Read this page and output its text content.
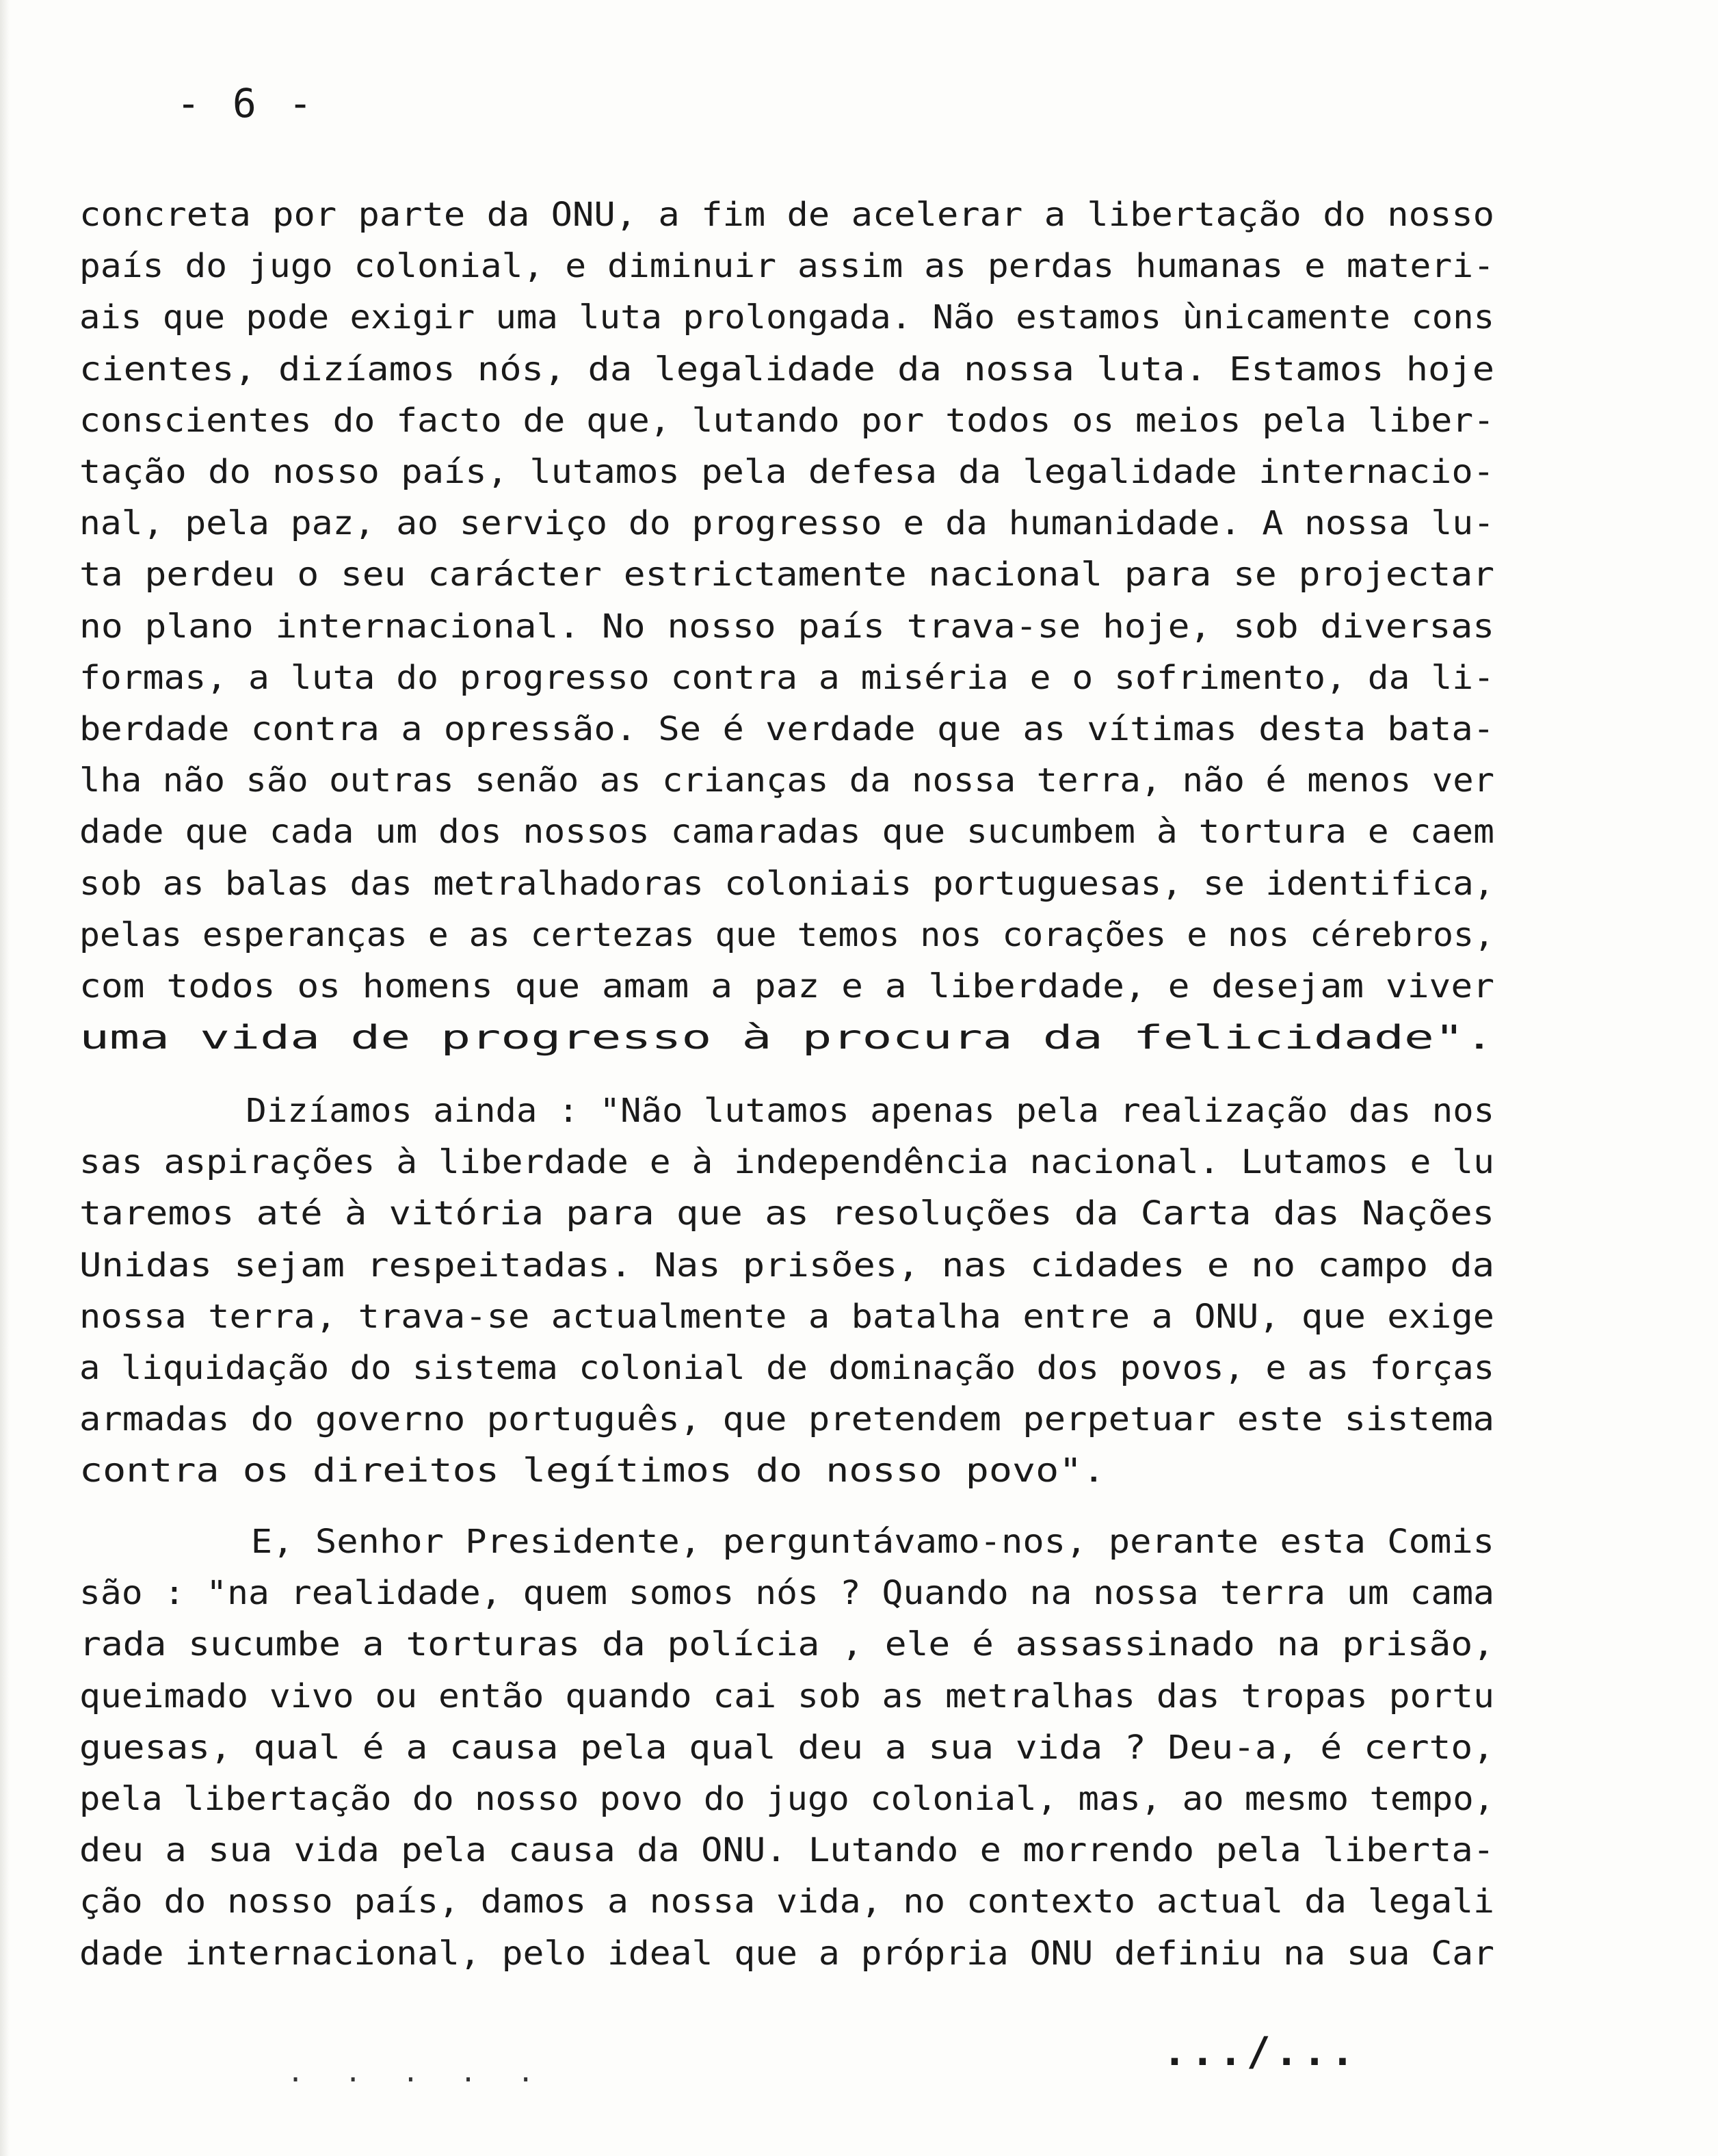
- 6 -
concreta por parte da ONU, a fim de acelerar a libertação do nosso
país do jugo colonial, e diminuir assim as perdas humanas e materi-
ais que pode exigir uma luta prolongada. Não estamos ùnicamente cons
cientes, dizíamos nós, da legalidade da nossa luta. Estamos hoje
conscientes do facto de que, lutando por todos os meios pela liber-
tação do nosso país, lutamos pela defesa da legalidade internacio-
nal, pela paz, ao serviço do progresso e da humanidade. A nossa lu-
ta perdeu o seu carácter estrictamente nacional para se projectar
no plano internacional. No nosso país trava-se hoje, sob diversas
formas, a luta do progresso contra a miséria e o sofrimento, da li-
berdade contra a opressão. Se é verdade que as vítimas desta bata-
lha não são outras senão as crianças da nossa terra, não é menos ver
dade que cada um dos nossos camaradas que sucumbem à tortura e caem
sob as balas das metralhadoras coloniais portuguesas, se identifica,
pelas esperanças e as certezas que temos nos corações e nos cérebros,
com todos os homens que amam a paz e a liberdade, e desejam viver
uma vida de progresso à procura da felicidade".
Dizíamos ainda : "Não lutamos apenas pela realização das nos
sas aspirações à liberdade e à independência nacional. Lutamos e lu
taremos até à vitória para que as resoluções da Carta das Nações
Unidas sejam respeitadas. Nas prisões, nas cidades e no campo da
nossa terra, trava-se actualmente a batalha entre a ONU, que exige
a liquidação do sistema colonial de dominação dos povos, e as forças
armadas do governo português, que pretendem perpetuar este sistema
contra os direitos legítimos do nosso povo".
E, Senhor Presidente, perguntávamo-nos, perante esta Comis
são : "na realidade, quem somos nós ? Quando na nossa terra um cama
rada sucumbe a torturas da polícia , ele é assassinado na prisão,
queimado vivo ou então quando cai sob as metralhas das tropas portu
guesas, qual é a causa pela qual deu a sua vida ? Deu-a, é certo,
pela libertação do nosso povo do jugo colonial, mas, ao mesmo tempo,
deu a sua vida pela causa da ONU. Lutando e morrendo pela liberta-
ção do nosso país, damos a nossa vida, no contexto actual da legali
dade internacional, pelo ideal que a própria ONU definiu na sua Car
.../...
. . . . .
